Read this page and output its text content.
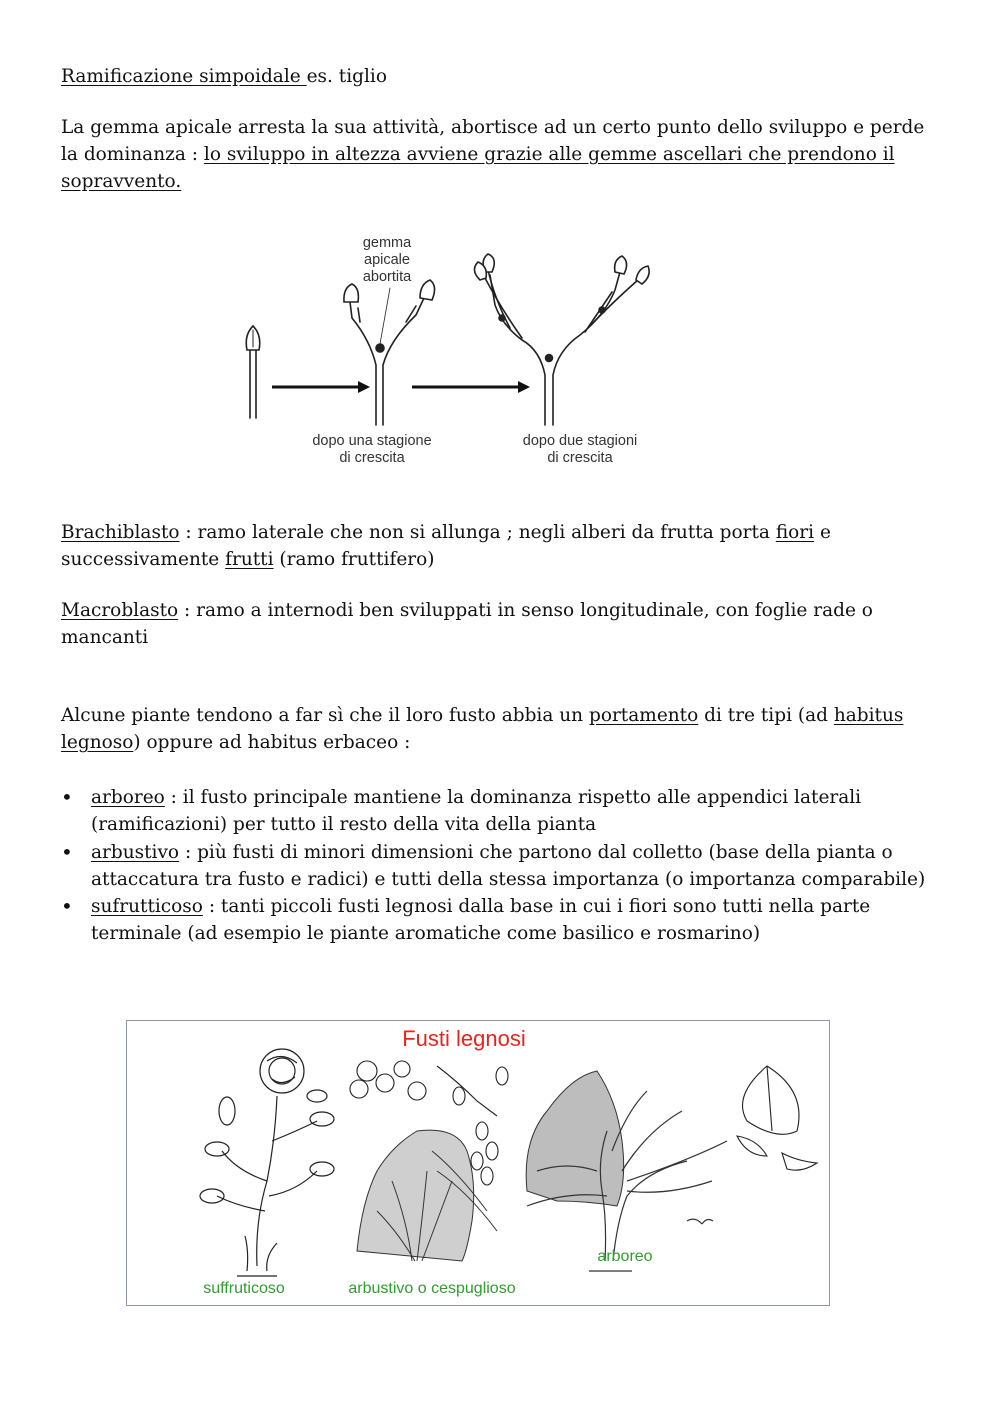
Ramificazione simpoidale es. tiglio

La gemma apicale arresta la sua attività, abortisce ad un certo punto dello sviluppo e perde la dominanza : lo sviluppo in altezza avviene grazie alle gemme ascellari che prendono il sopravvento.

gemma
apicale
abortita
dopo una stagione
di crescita
dopo due stagioni
di crescita

Brachiblasto : ramo laterale che non si allunga ; negli alberi da frutta porta fiori e successivamente frutti (ramo fruttifero)

Macroblasto : ramo a internodi ben sviluppati in senso longitudinale, con foglie rade o mancanti

Alcune piante tendono a far sì che il loro fusto abbia un portamento di tre tipi (ad habitus legnoso) oppure ad habitus erbaceo :

• arboreo : il fusto principale mantiene la dominanza rispetto alle appendici laterali (ramificazioni) per tutto il resto della vita della pianta
• arbustivo : più fusti di minori dimensioni che partono dal colletto (base della pianta o attaccatura tra fusto e radici) e tutti della stessa importanza (o importanza comparabile)
• sufrutticoso : tanti piccoli fusti legnosi dalla base in cui i fiori sono tutti nella parte terminale (ad esempio le piante aromatiche come basilico e rosmarino)
Fusti legnosi
suffruticoso	arbustivo o cespuglioso
arboreo
